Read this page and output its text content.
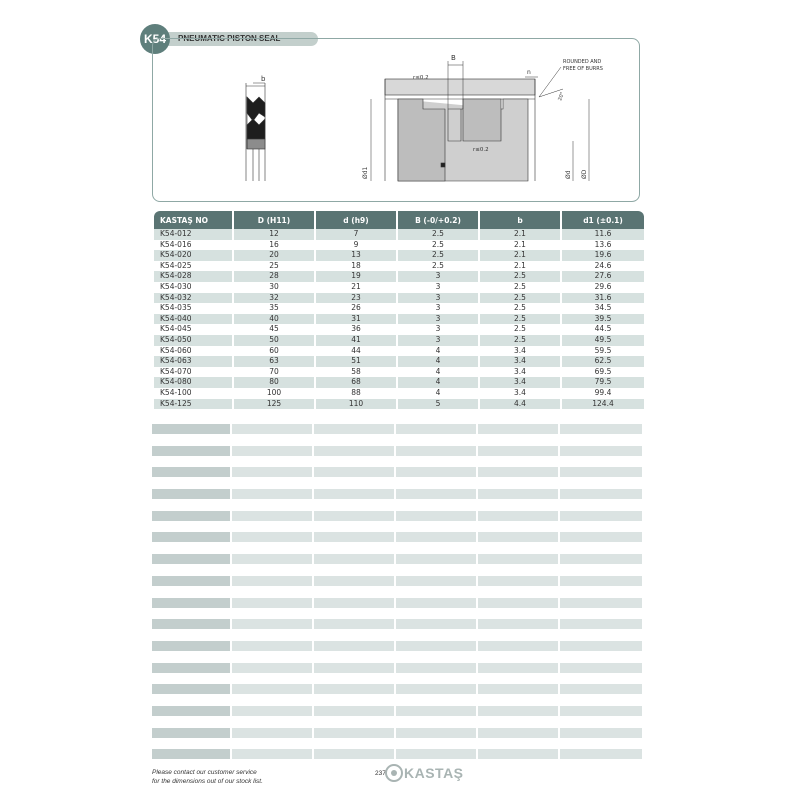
PNEUMATIC PISTON SEAL
K54
b
B
r≤0.2
r≤0.2
n
ROUNDED AND
FREE OF BURRS
20°
Ød1	Ød ØD
KASTAŞ NO	D (H11)	d (h9)	B (-0/+0.2)	b	d1 (±0.1)
K54-012	12	7	2.5	2.1	11.6
K54-016	16	9	2.5	2.1	13.6
K54-020	20	13	2.5	2.1	19.6
K54-025	25	18	2.5	2.1	24.6
K54-028	28	19	3	2.5	27.6
K54-030	30	21	3	2.5	29.6
K54-032	32	23	3	2.5	31.6
K54-035	35	26	3	2.5	34.5
K54-040	40	31	3	2.5	39.5
K54-045	45	36	3	2.5	44.5
K54-050	50	41	3	2.5	49.5
K54-060	60	44	4	3.4	59.5
K54-063	63	51	4	3.4	62.5
K54-070	70	58	4	3.4	69.5
K54-080	80	68	4	3.4	79.5
K54-100	100	88	4	3.4	99.4
K54-125	125	110	5	4.4	124.4
Please contact our customer service
for the dimensions out of our stock list.
237 KASTAŞ
